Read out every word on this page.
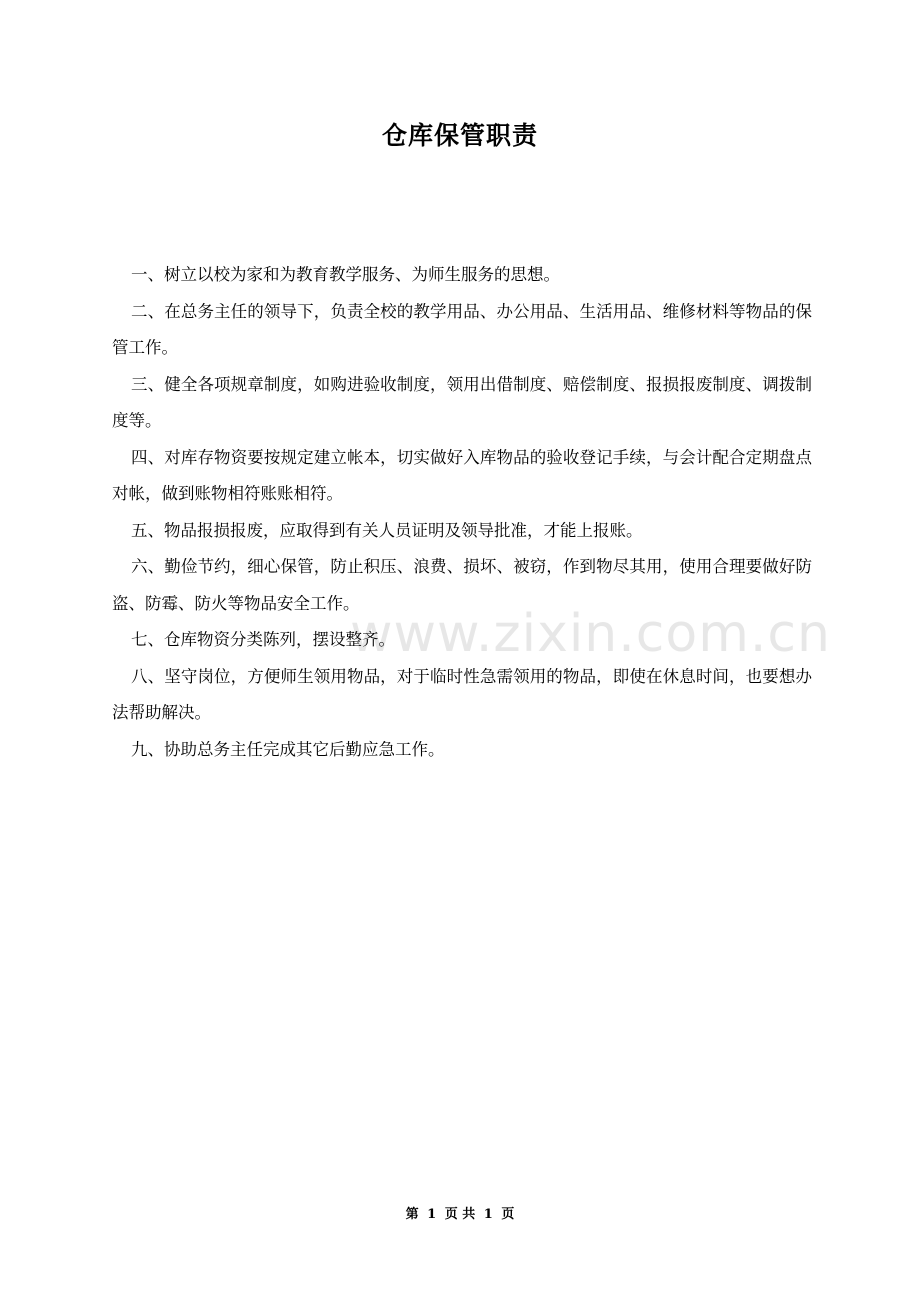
www.zixin.com.cn
仓库保管职责

一、树立以校为家和为教育教学服务、为师生服务的思想。

二、在总务主任的领导下，负责全校的教学用品、办公用品、生活用品、维修材料等物品的保管工作。

三、健全各项规章制度，如购进验收制度，领用出借制度、赔偿制度、报损报废制度、调拨制度等。

四、对库存物资要按规定建立帐本，切实做好入库物品的验收登记手续，与会计配合定期盘点对帐，做到账物相符账账相符。

五、物品报损报废，应取得到有关人员证明及领导批准，才能上报账。

六、勤俭节约，细心保管，防止积压、浪费、损坏、被窃，作到物尽其用，使用合理要做好防盗、防霉、防火等物品安全工作。

七、仓库物资分类陈列，摆设整齐。

八、坚守岗位，方便师生领用物品，对于临时性急需领用的物品，即使在休息时间，也要想办法帮助解决。

九、协助总务主任完成其它后勤应急工作。

第 1 页 共 1 页
